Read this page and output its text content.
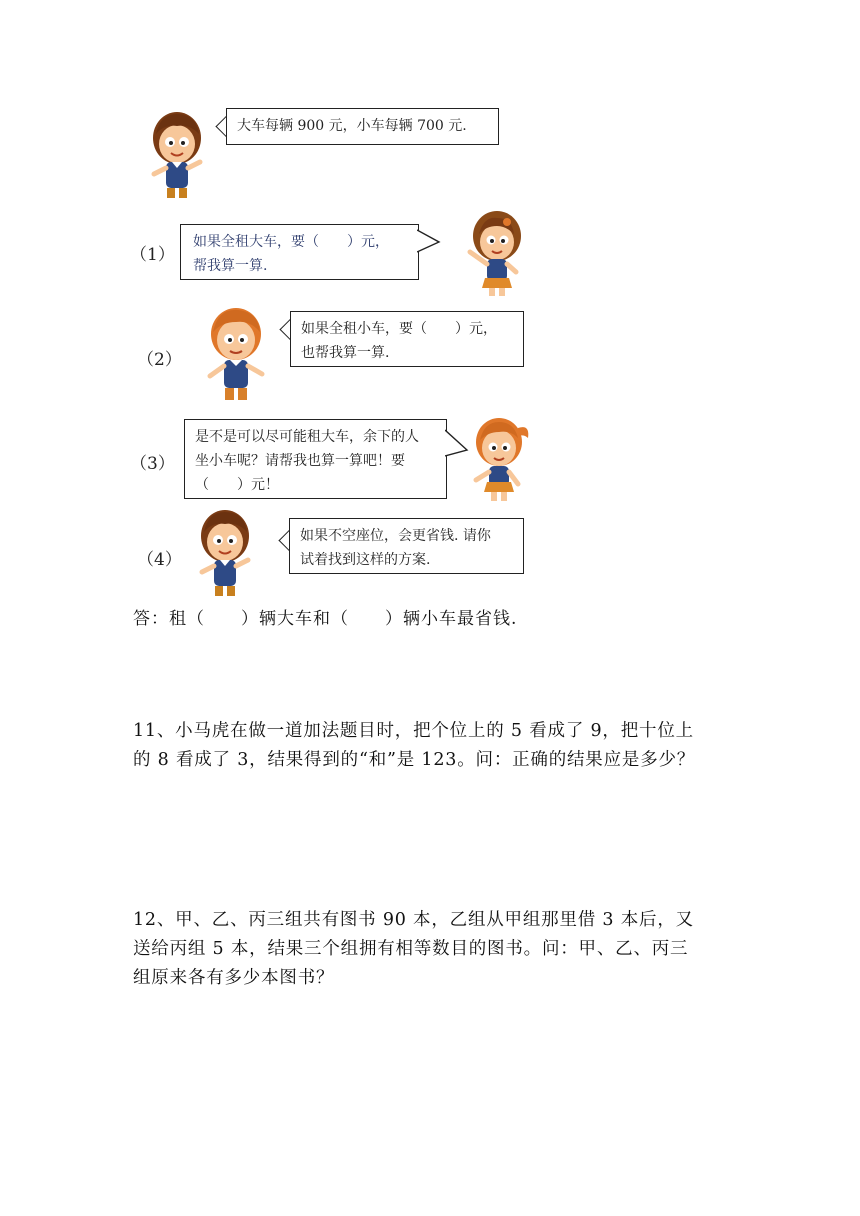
大车每辆 900 元，小车每辆 700 元.
（1）
如果全租大车，要（　　）元，
帮我算一算.
（2）
如果全租小车，要（　　）元，
也帮我算一算.
（3）
是不是可以尽可能租大车，余下的人
坐小车呢？请帮我也算一算吧！要
（　　）元！
（4）
如果不空座位，会更省钱. 请你
试着找到这样的方案.
答：租（　　）辆大车和（　　）辆小车最省钱.
11、小马虎在做一道加法题目时，把个位上的 5 看成了 9，把十位上
的 8 看成了 3，结果得到的“和”是 123。问：正确的结果应是多少？
12、甲、乙、丙三组共有图书 90 本，乙组从甲组那里借 3 本后，又
送给丙组 5 本，结果三个组拥有相等数目的图书。问：甲、乙、丙三
组原来各有多少本图书？
